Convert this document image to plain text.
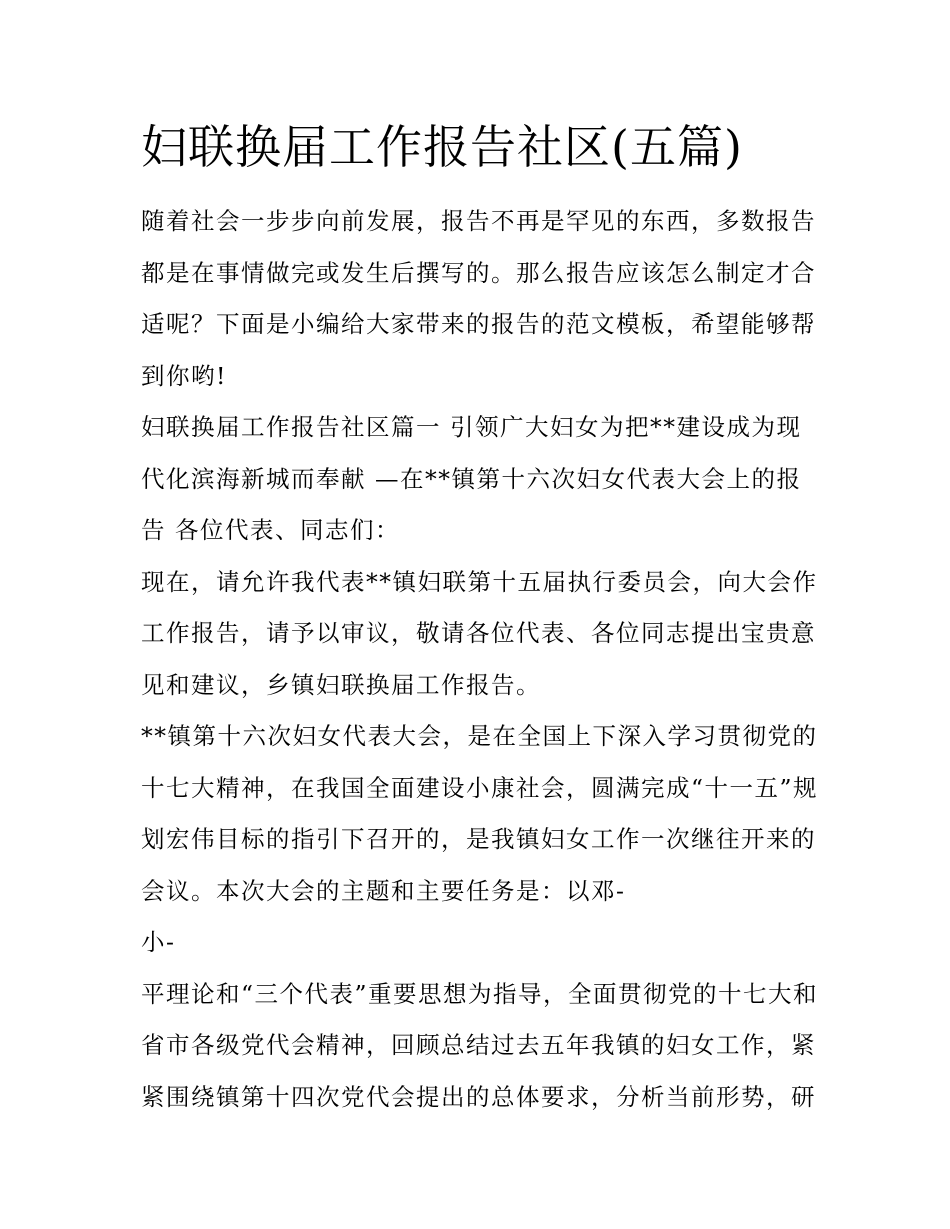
妇联换届工作报告社区(五篇)

随着社会一步步向前发展，报告不再是罕见的东西，多数报告都是在事情做完或发生后撰写的。那么报告应该怎么制定才合适呢？下面是小编给大家带来的报告的范文模板，希望能够帮到你哟!

妇联换届工作报告社区篇一 引领广大妇女为把**建设成为现代化滨海新城而奉献 —在**镇第十六次妇女代表大会上的报告 各位代表、同志们：

现在，请允许我代表**镇妇联第十五届执行委员会，向大会作工作报告，请予以审议，敬请各位代表、各位同志提出宝贵意见和建议，乡镇妇联换届工作报告。

**镇第十六次妇女代表大会，是在全国上下深入学习贯彻党的十七大精神，在我国全面建设小康社会，圆满完成“十一五”规划宏伟目标的指引下召开的，是我镇妇女工作一次继往开来的会议。本次大会的主题和主要任务是：以邓-

小-

平理论和“三个代表”重要思想为指导，全面贯彻党的十七大和省市各级党代会精神，回顾总结过去五年我镇的妇女工作，紧紧围绕镇第十四次党代会提出的总体要求，分析当前形势，研
